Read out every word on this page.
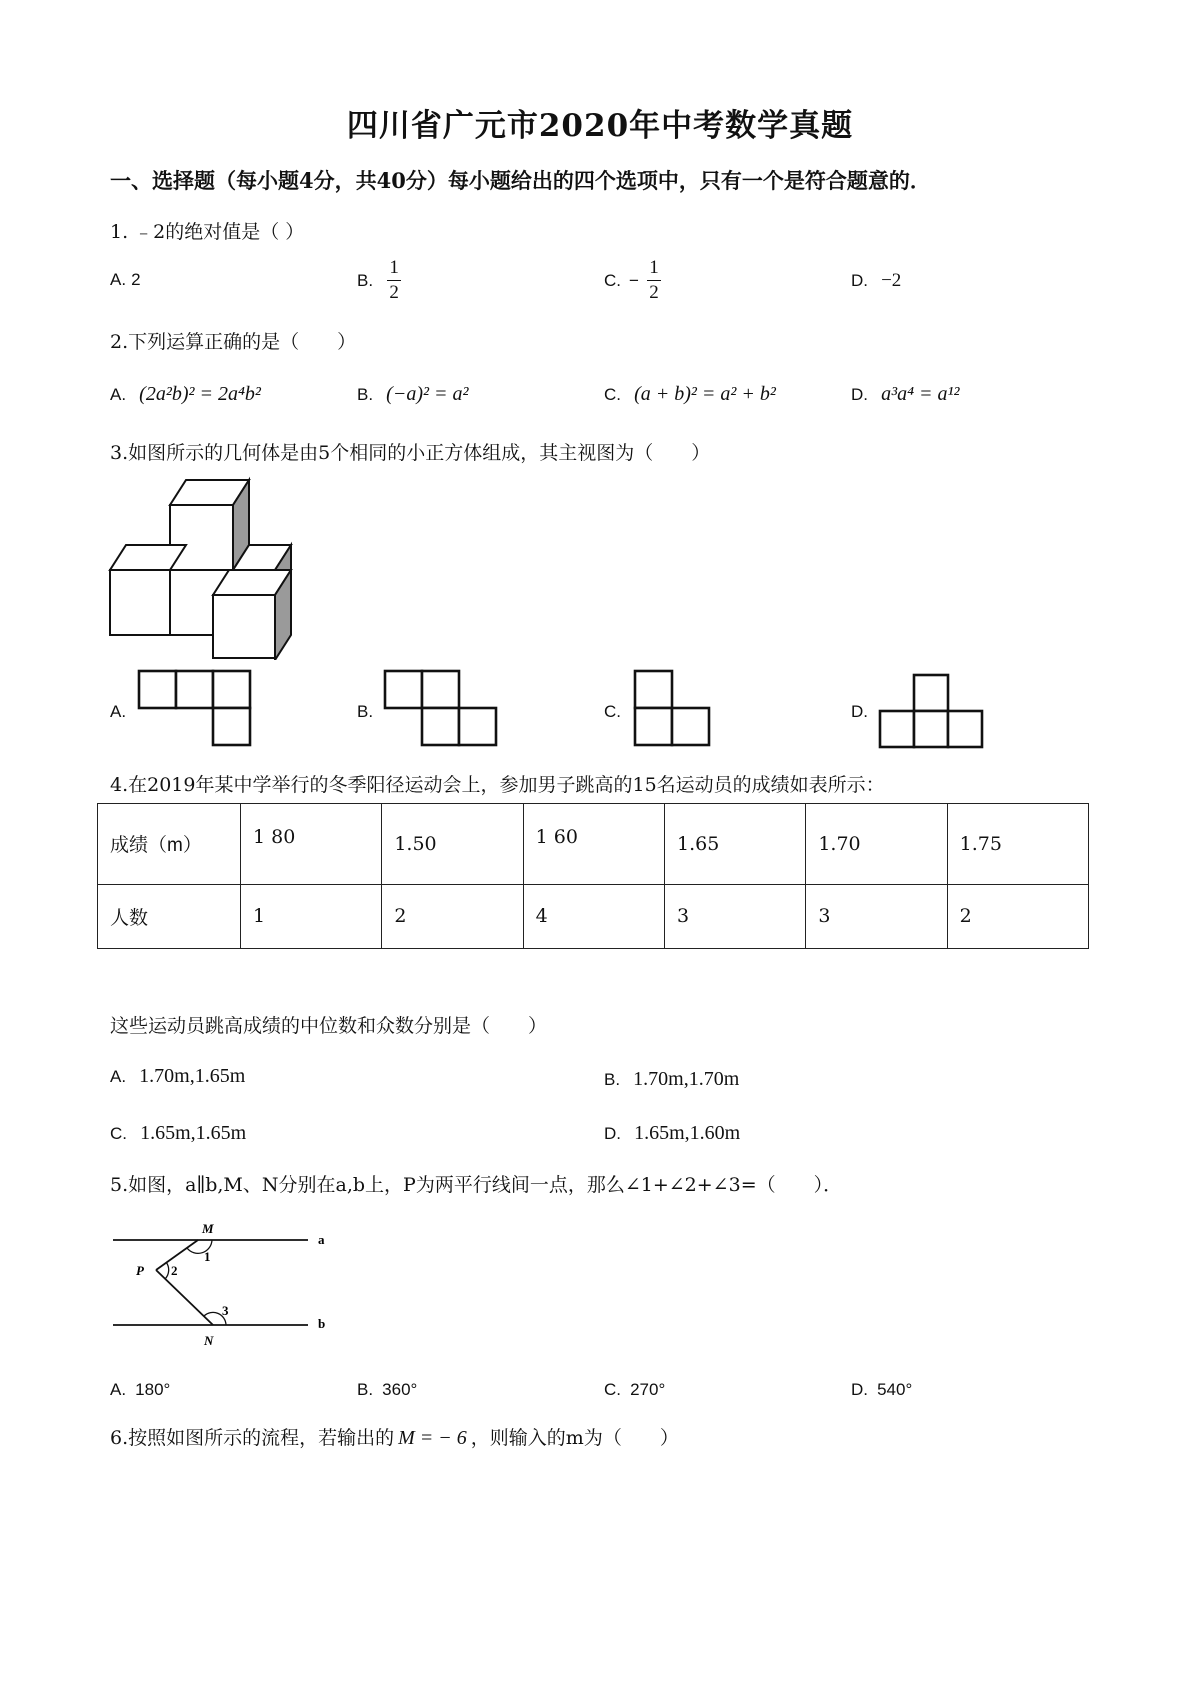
四川省广元市2020年中考数学真题
一、选择题（每小题4分，共40分）每小题给出的四个选项中，只有一个是符合题意的．
1. ﹣2的绝对值是（ ）
A. 2	B. $\frac{1}{2}$	C. − $\frac{1}{2}$	D. −2
2.下列运算正确的是（　　）
A. (2a²b)² = 2a⁴b²	B. (−a)² = a²	C. (a + b)² = a² + b²	D. a³a⁴ = a¹²
3.如图所示的几何体是由5个相同的小正方体组成，其主视图为（　　）
A.	B.	C.	D.
4.在2019年某中学举行的冬季阳径运动会上，参加男子跳高的15名运动员的成绩如表所示：
成绩（m）	1 80	1.50	1 60	1.65	1.70	1.75
人数	1	2	4	3	3	2
这些运动员跳高成绩的中位数和众数分别是（　　）
A. 1.70m,1.65m	B. 1.70m,1.70m
C. 1.65m,1.65m	D. 1.65m,1.60m
5.如图，a∥b,M、N分别在a,b上，P为两平行线间一点，那么∠1+∠2+∠3=（　　）．
M
N
P
a
b
1
2
3
A. 180°	B. 360°	C. 270°	D. 540°
6.按照如图所示的流程，若输出的 M = − 6 ，则输入的m为（　　）
